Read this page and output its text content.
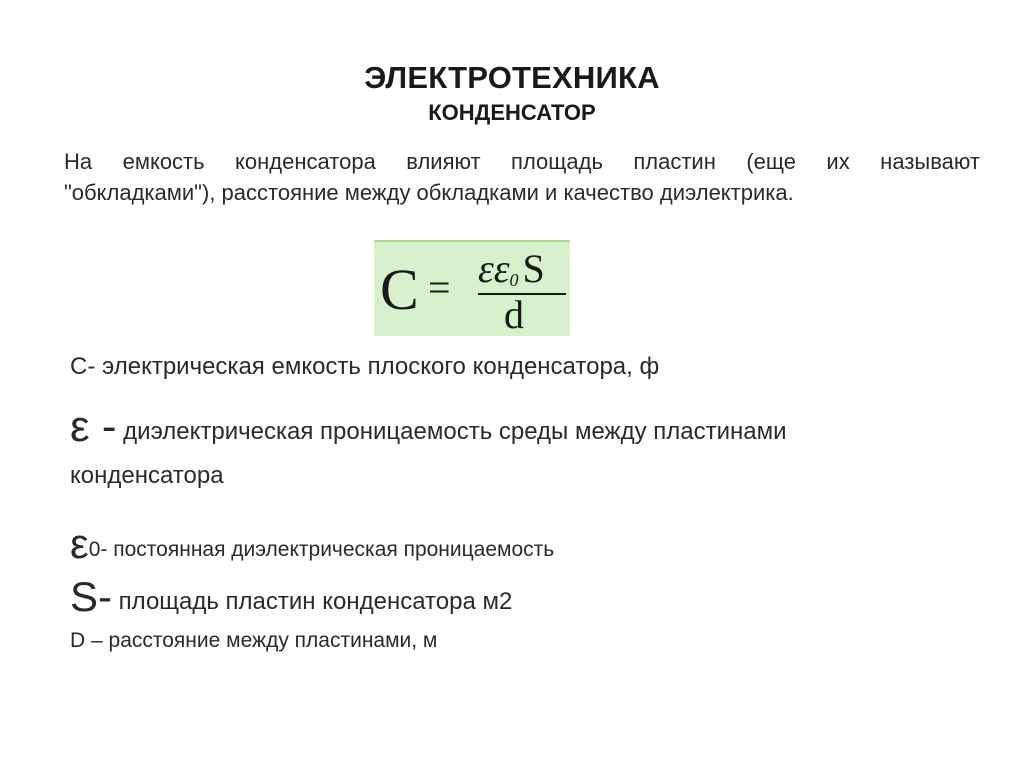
ЭЛЕКТРОТЕХНИКА
КОНДЕНСАТОР
На емкость конденсатора влияют площадь пластин (еще их называют
"обкладками"), расстояние между обкладками и качество диэлектрика.
C = εε0 S
d
C- электрическая емкость плоского конденсатора, ф
ε - диэлектрическая проницаемость среды между пластинами
конденсатора
ε0- постоянная диэлектрическая проницаемость
S- площадь пластин конденсатора м2
D – расстояние между пластинами, м
